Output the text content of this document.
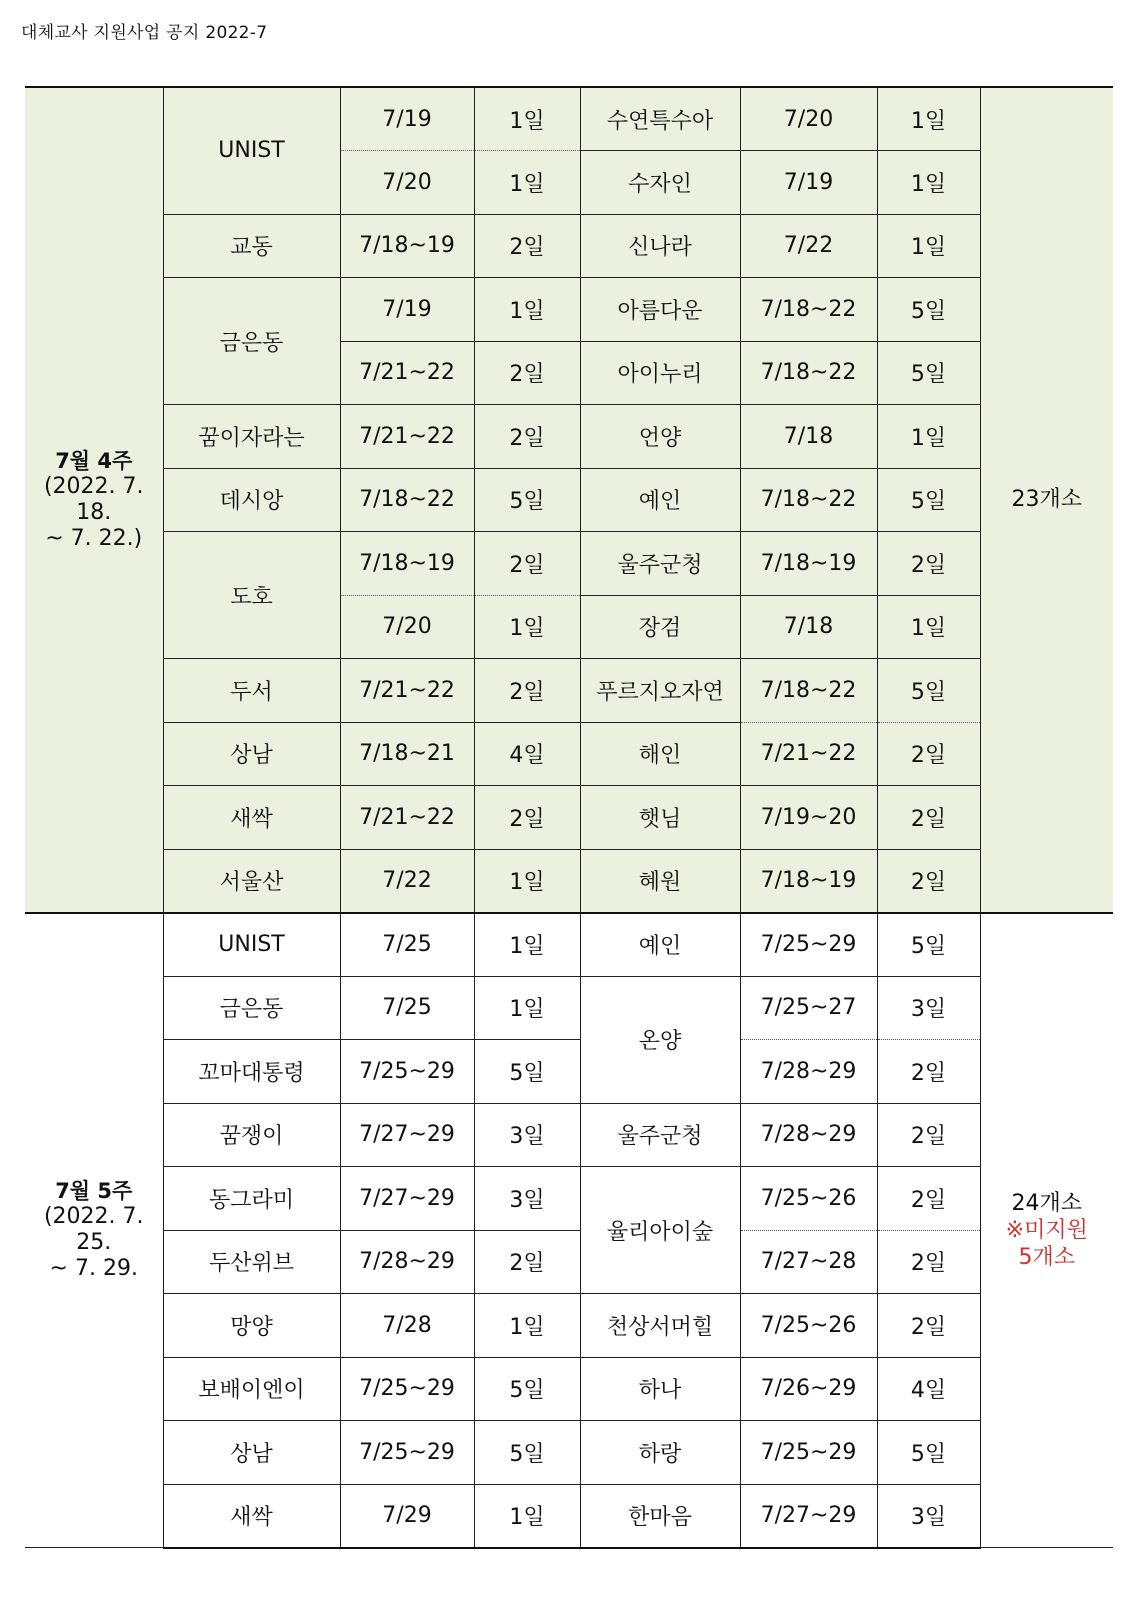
대체교사 지원사업 공지 2022-7
7월 4주
(2022. 7. 18.
~ 7. 22.)	UNIST	7/19	1일	수연특수아	7/20	1일	23개소

		7/20	1일	수자인	7/19	1일	
	교동	7/18~19	2일	신나라	7/22	1일	
	금은동	7/19	1일	아름다운	7/18~22	5일	
		7/21~22	2일	아이누리	7/18~22	5일	
	꿈이자라는	7/21~22	2일	언양	7/18	1일	
	데시앙	7/18~22	5일	예인	7/18~22	5일	
	도호	7/18~19	2일	울주군청	7/18~19	2일	
		7/20	1일	장검	7/18	1일	
	두서	7/21~22	2일	푸르지오자연	7/18~22	5일	
	상남	7/18~21	4일	해인	7/21~22	2일	
	새싹	7/21~22	2일	햇님	7/19~20	2일	
	서울산	7/22	1일	혜원	7/18~19	2일	

7월 5주
(2022. 7. 25.
~ 7. 29.	UNIST	7/25	1일	예인	7/25~29	5일	24개소
※미지원
5개소

	금은동	7/25	1일	온양	7/25~27	3일	
	꼬마대통령	7/25~29	5일		7/28~29	2일	
	꿈쟁이	7/27~29	3일	울주군청	7/28~29	2일	
	동그라미	7/27~29	3일	율리아이숲	7/25~26	2일	
	두산위브	7/28~29	2일		7/27~28	2일	
	망양	7/28	1일	천상서머힐	7/25~26	2일	
	보배이엔이	7/25~29	5일	하나	7/26~29	4일	
	상남	7/25~29	5일	하랑	7/25~29	5일	
	새싹	7/29	1일	한마음	7/27~29	3일	
